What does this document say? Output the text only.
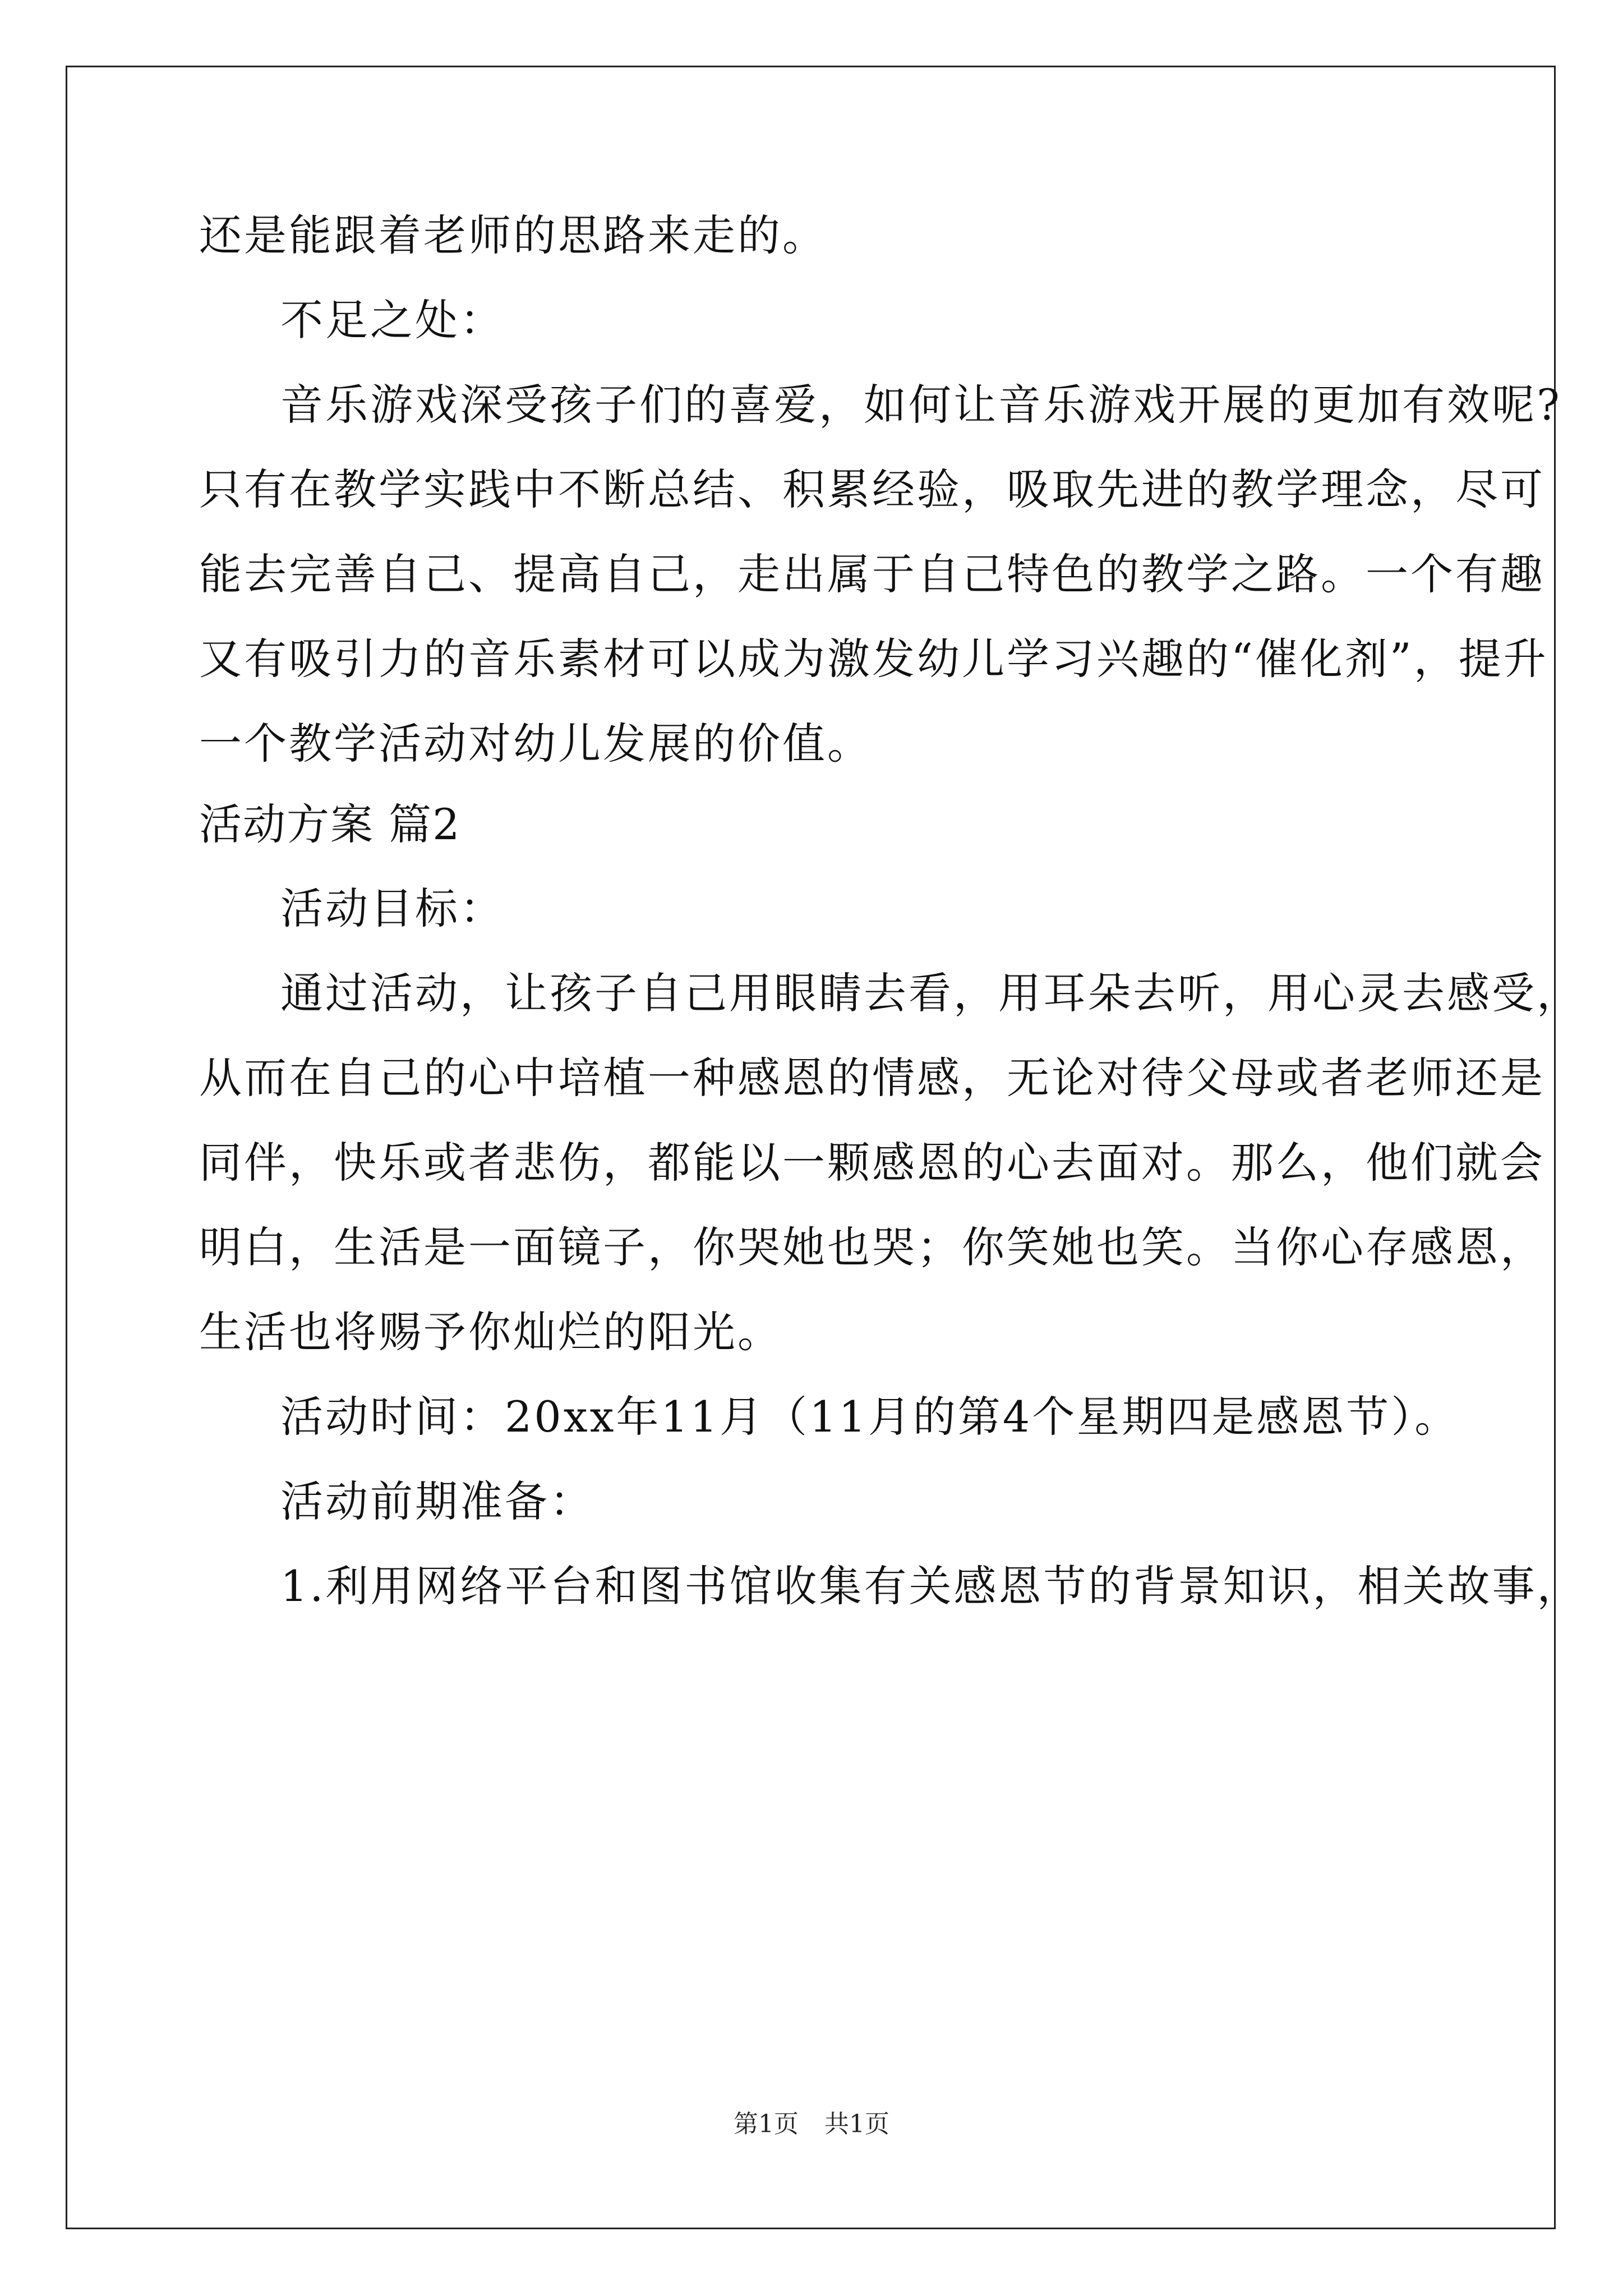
还是能跟着老师的思路来走的。
不足之处：
音乐游戏深受孩子们的喜爱，如何让音乐游戏开展的更加有效呢?
只有在教学实践中不断总结、积累经验，吸取先进的教学理念，尽可
能去完善自己、提高自己，走出属于自己特色的教学之路。一个有趣
又有吸引力的音乐素材可以成为激发幼儿学习兴趣的“催化剂”，提升
一个教学活动对幼儿发展的价值。
活动方案 篇2
活动目标：
通过活动，让孩子自己用眼睛去看，用耳朵去听，用心灵去感受，
从而在自己的心中培植一种感恩的情感，无论对待父母或者老师还是
同伴，快乐或者悲伤，都能以一颗感恩的心去面对。那么，他们就会
明白，生活是一面镜子，你哭她也哭；你笑她也笑。当你心存感恩，
生活也将赐予你灿烂的阳光。
活动时间：20xx年11月（11月的第4个星期四是感恩节）。
活动前期准备：
1.利用网络平台和图书馆收集有关感恩节的背景知识，相关故事，
第1页 共1页
